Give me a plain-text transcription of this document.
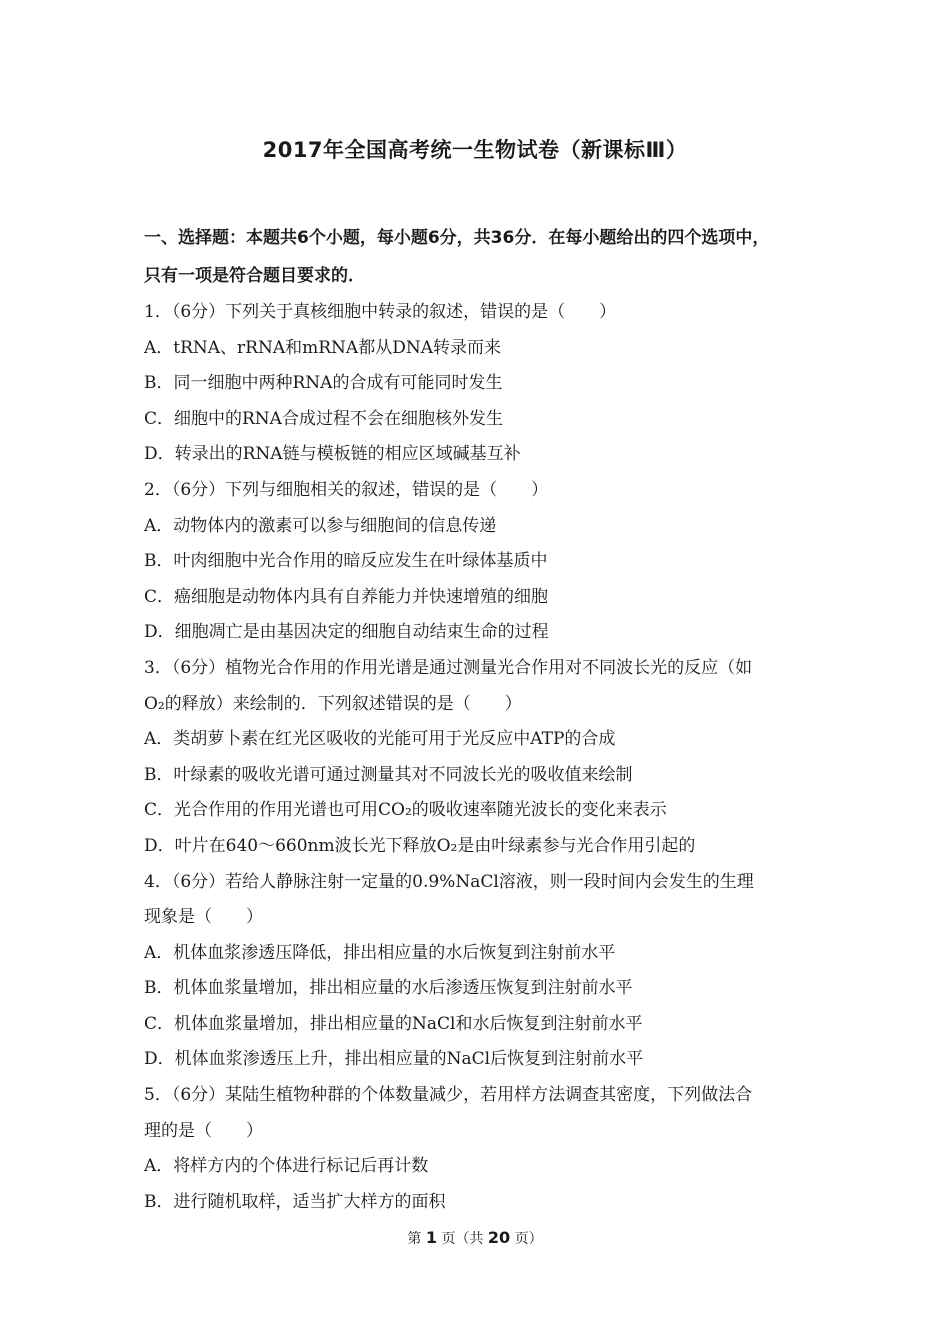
2017年全国高考统一生物试卷（新课标Ⅲ）
一、选择题：本题共6个小题，每小题6分，共36分．在每小题给出的四个选项中，
只有一项是符合题目要求的．
1．（6分）下列关于真核细胞中转录的叙述，错误的是（　　）
A．tRNA、rRNA和mRNA都从DNA转录而来
B．同一细胞中两种RNA的合成有可能同时发生
C．细胞中的RNA合成过程不会在细胞核外发生
D．转录出的RNA链与模板链的相应区域碱基互补
2．（6分）下列与细胞相关的叙述，错误的是（　　）
A．动物体内的激素可以参与细胞间的信息传递
B．叶肉细胞中光合作用的暗反应发生在叶绿体基质中
C．癌细胞是动物体内具有自养能力并快速增殖的细胞
D．细胞凋亡是由基因决定的细胞自动结束生命的过程
3．（6分）植物光合作用的作用光谱是通过测量光合作用对不同波长光的反应（如
O₂的释放）来绘制的．下列叙述错误的是（　　）
A．类胡萝卜素在红光区吸收的光能可用于光反应中ATP的合成
B．叶绿素的吸收光谱可通过测量其对不同波长光的吸收值来绘制
C．光合作用的作用光谱也可用CO₂的吸收速率随光波长的变化来表示
D．叶片在640～660nm波长光下释放O₂是由叶绿素参与光合作用引起的
4．（6分）若给人静脉注射一定量的0.9%NaCl溶液，则一段时间内会发生的生理
现象是（　　）
A．机体血浆渗透压降低，排出相应量的水后恢复到注射前水平
B．机体血浆量增加，排出相应量的水后渗透压恢复到注射前水平
C．机体血浆量增加，排出相应量的NaCl和水后恢复到注射前水平
D．机体血浆渗透压上升，排出相应量的NaCl后恢复到注射前水平
5．（6分）某陆生植物种群的个体数量减少，若用样方法调查其密度，下列做法合
理的是（　　）
A．将样方内的个体进行标记后再计数
B．进行随机取样，适当扩大样方的面积
第 1 页（共 20 页）
